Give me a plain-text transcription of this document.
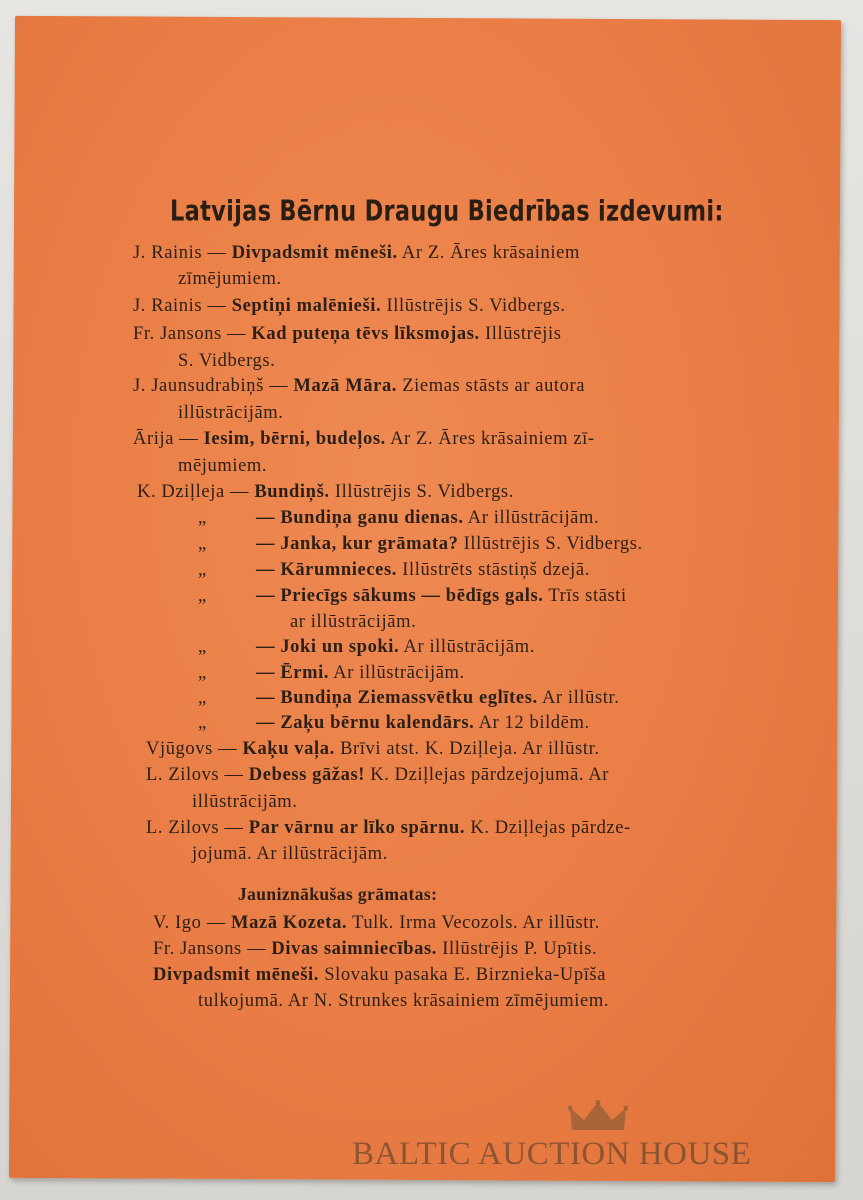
Latvijas Bērnu Draugu Biedrības izdevumi:
J. Rainis — Divpadsmit mēneši. Ar Z. Āres krāsainiem
zīmējumiem.
J. Rainis — Septiņi malēnieši. Illūstrējis S. Vidbergs.
Fr. Jansons — Kad puteņa tēvs līksmojas. Illūstrējis
S. Vidbergs.
J. Jaunsudrabiņš — Mazā Māra. Ziemas stāsts ar autora
illūstrācijām.
Ārija — Iesim, bērni, budeļos. Ar Z. Āres krāsainiem zī-
mējumiem.
K. Dziļleja — Bundiņš. Illūstrējis S. Vidbergs.
„	— Bundiņa ganu dienas. Ar illūstrācijām.
„	— Janka, kur grāmata? Illūstrējis S. Vidbergs.
„	— Kārumnieces. Illūstrēts stāstiņš dzejā.
„	— Priecīgs sākums — bēdīgs gals. Trīs stāsti
ar illūstrācijām.
„	— Joki un spoki. Ar illūstrācijām.
„	— Ērmi. Ar illūstrācijām.
„	— Bundiņa Ziemassvētku eglītes. Ar illūstr.
„	— Zaķu bērnu kalendārs. Ar 12 bildēm.
Vjūgovs — Kaķu vaļa. Brīvi atst. K. Dziļleja. Ar illūstr.
L. Zilovs — Debess gāžas! K. Dziļlejas pārdzejojumā. Ar
illūstrācijām.
L. Zilovs — Par vārnu ar līko spārnu. K. Dziļlejas pārdze-
jojumā. Ar illūstrācijām.
Jauniznākušas grāmatas:
V. Igo — Mazā Kozeta. Tulk. Irma Vecozols. Ar illūstr.
Fr. Jansons — Divas saimniecības. Illūstrējis P. Upītis.
Divpadsmit mēneši. Slovaku pasaka E. Birznieka-Upīša
tulkojumā. Ar N. Strunkes krāsainiem zīmējumiem.
BALTIC AUCTION HOUSE
